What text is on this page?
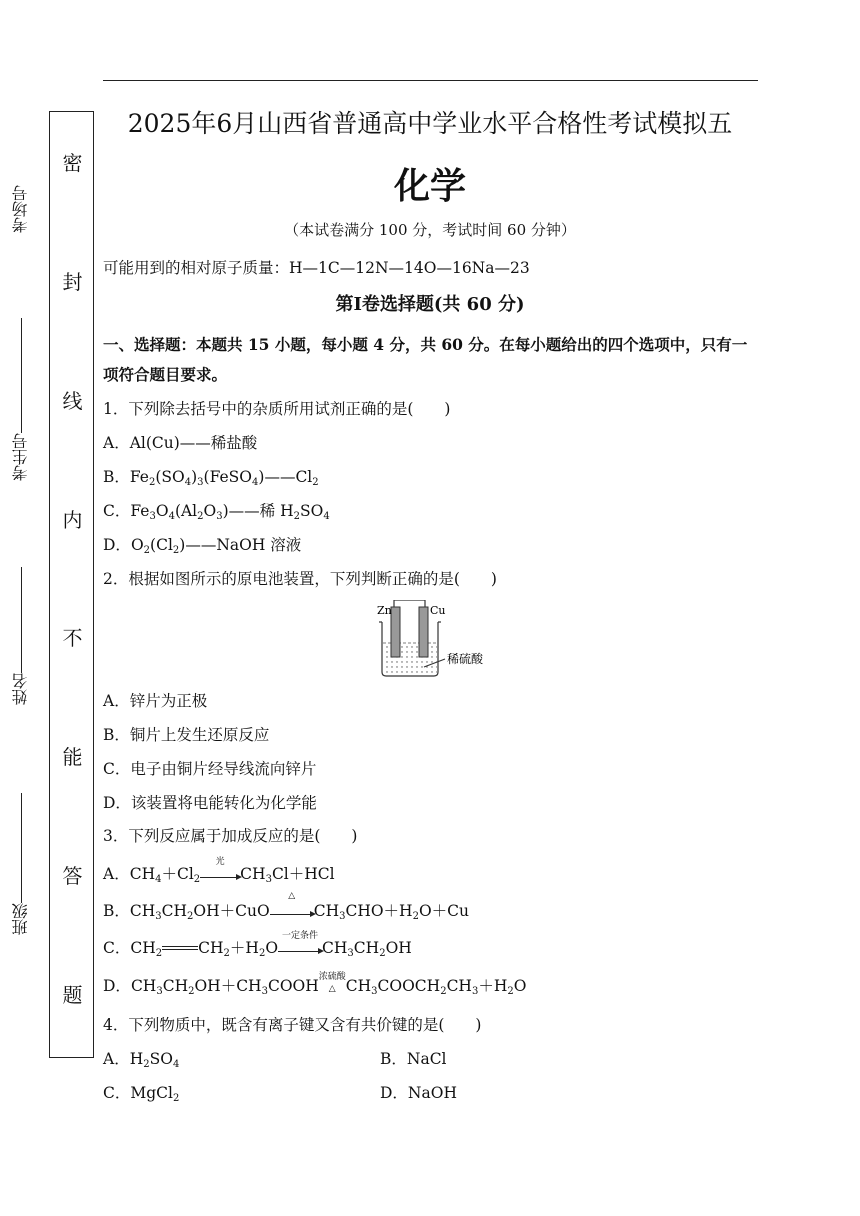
考场号
考生号
姓名
班级
密
封
线
内
不
能
答
题
2025年6月山西省普通高中学业水平合格性考试模拟五
化学
（本试卷满分 100 分，考试时间 60 分钟）
可能用到的相对原子质量：H—1C—12N—14O—16Na—23
第Ⅰ卷选择题(共 60 分)
一、选择题：本题共 15 小题，每小题 4 分，共 60 分。在每小题给出的四个选项中，只有一项符合题目要求。
1．下列除去括号中的杂质所用试剂正确的是(　　)
A．Al(Cu)——稀盐酸
B．$Fe_2(SO_4)_3(FeSO_4)——Cl_2$
C．$Fe_3O_4(Al_2O_3)——$稀 $H_2SO_4$
D．$O_2(Cl_2)——NaOH$ 溶液
2．根据如图所示的原电池装置，下列判断正确的是(　　)
Zn	Cu
稀硫酸
A．锌片为正极
B．铜片上发生还原反应
C．电子由铜片经导线流向锌片
D．该装置将电能转化为化学能
3．下列反应属于加成反应的是(　　)
A．$CH_4+Cl_2$
光
$CH_3Cl+HCl$
B．$CH_3CH_2OH+CuO$
△
$CH_3CHO+H_2O+Cu$
C．$CH_2$ $CH_2+H_2O$
一定条件
$CH_3CH_2OH$
D．$CH_3CH_2OH+CH_3COOH$浓硫酸
△ $CH_3COOCH_2CH_3+H_2O$
4．下列物质中，既含有离子键又含有共价键的是(　　)
A．$H_2SO_4$	B．NaCl
C．MgCl$_2$	D．NaOH
